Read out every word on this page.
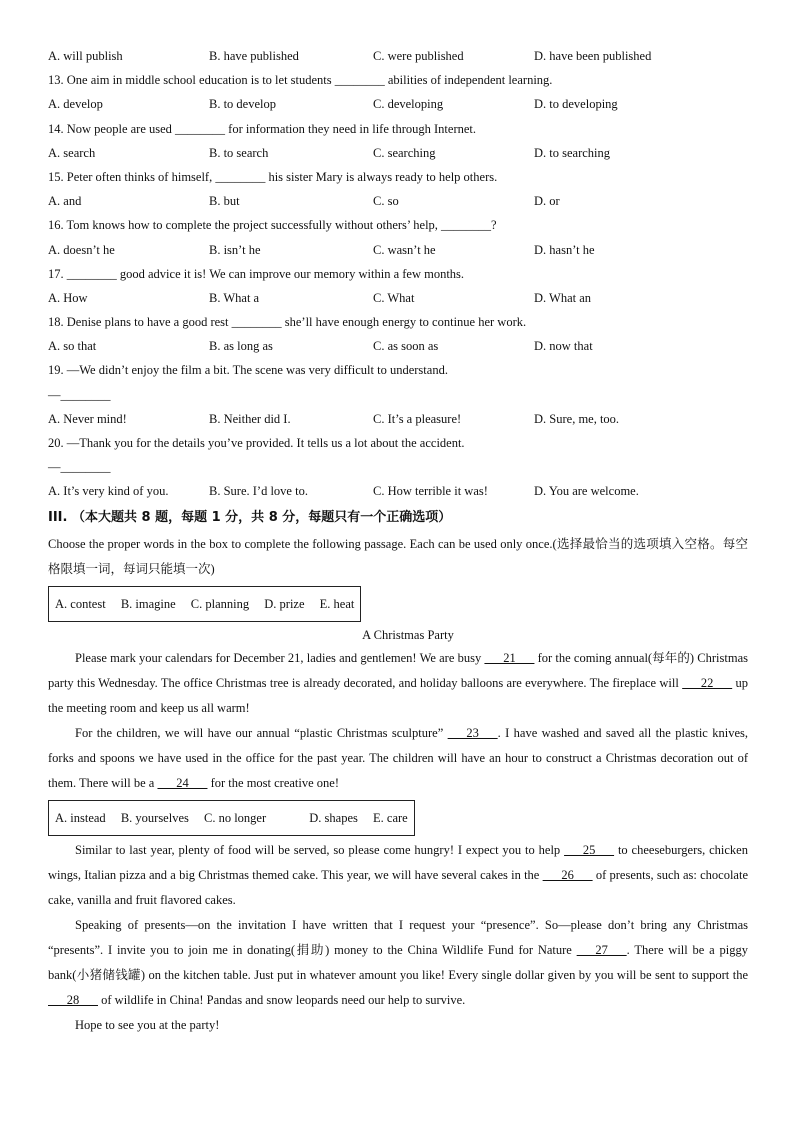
A. will publish	B. have published	C. were published	D. have been published
13. One aim in middle school education is to let students ________ abilities of independent learning.
A. develop	B. to develop	C. developing	D. to developing
14. Now people are used ________ for information they need in life through Internet.
A. search	B. to search	C. searching	D. to searching
15. Peter often thinks of himself, ________ his sister Mary is always ready to help others.
A. and	B. but	C. so	D. or
16. Tom knows how to complete the project successfully without others’ help, ________?
A. doesn’t he	B. isn’t he	C. wasn’t he	D. hasn’t he
17. ________ good advice it is! We can improve our memory within a few months.
A. How	B. What a	C. What	D. What an
18. Denise plans to have a good rest ________ she’ll have enough energy to continue her work.
A. so that	B. as long as	C. as soon as	D. now that
19. —We didn’t enjoy the film a bit. The scene was very difficult to understand.
—________
A. Never mind!	B. Neither did I.	C. It’s a pleasure!	D. Sure, me, too.
20. —Thank you for the details you’ve provided. It tells us a lot about the accident.
—________
A. It’s very kind of you.	B. Sure. I’d love to.	C. How terrible it was!	D. You are welcome.
III. （本大题共 8 题，每题 1 分，共 8 分，每题只有一个正确选项）
Choose the proper words in the box to complete the following passage. Each can be used only once.(选择最恰当的选项填入空格。每空格限填一词，每词只能填一次)
A. contest B. imagine C. planning D. prize E. heat
A Christmas Party
Please mark your calendars for December 21, ladies and gentlemen! We are busy    21    for the coming annual(每年的) Christmas party this Wednesday. The office Christmas tree is already decorated, and holiday balloons are everywhere. The fireplace will    22    up the meeting room and keep us all warm!
For the children, we will have our annual “plastic Christmas sculpture”    23   . I have washed and saved all the plastic knives, forks and spoons we have used in the office for the past year. The children will have an hour to construct a Christmas decoration out of them. There will be a    24    for the most creative one!
A. instead B. yourselves C. no longer	D. shapes E. care
Similar to last year, plenty of food will be served, so please come hungry! I expect you to help    25    to cheeseburgers, chicken wings, Italian pizza and a big Christmas themed cake. This year, we will have several cakes in the    26    of presents, such as: chocolate cake, vanilla and fruit flavored cakes.
Speaking of presents—on the invitation I have written that I request your “presence”. So—please don’t bring any Christmas “presents”. I invite you to join me in donating(捐助) money to the China Wildlife Fund for Nature    27   . There will be a piggy bank(小猪储钱罐) on the kitchen table. Just put in whatever amount you like! Every single dollar given by you will be sent to support the    28    of wildlife in China! Pandas and snow leopards need our help to survive.
Hope to see you at the party!
